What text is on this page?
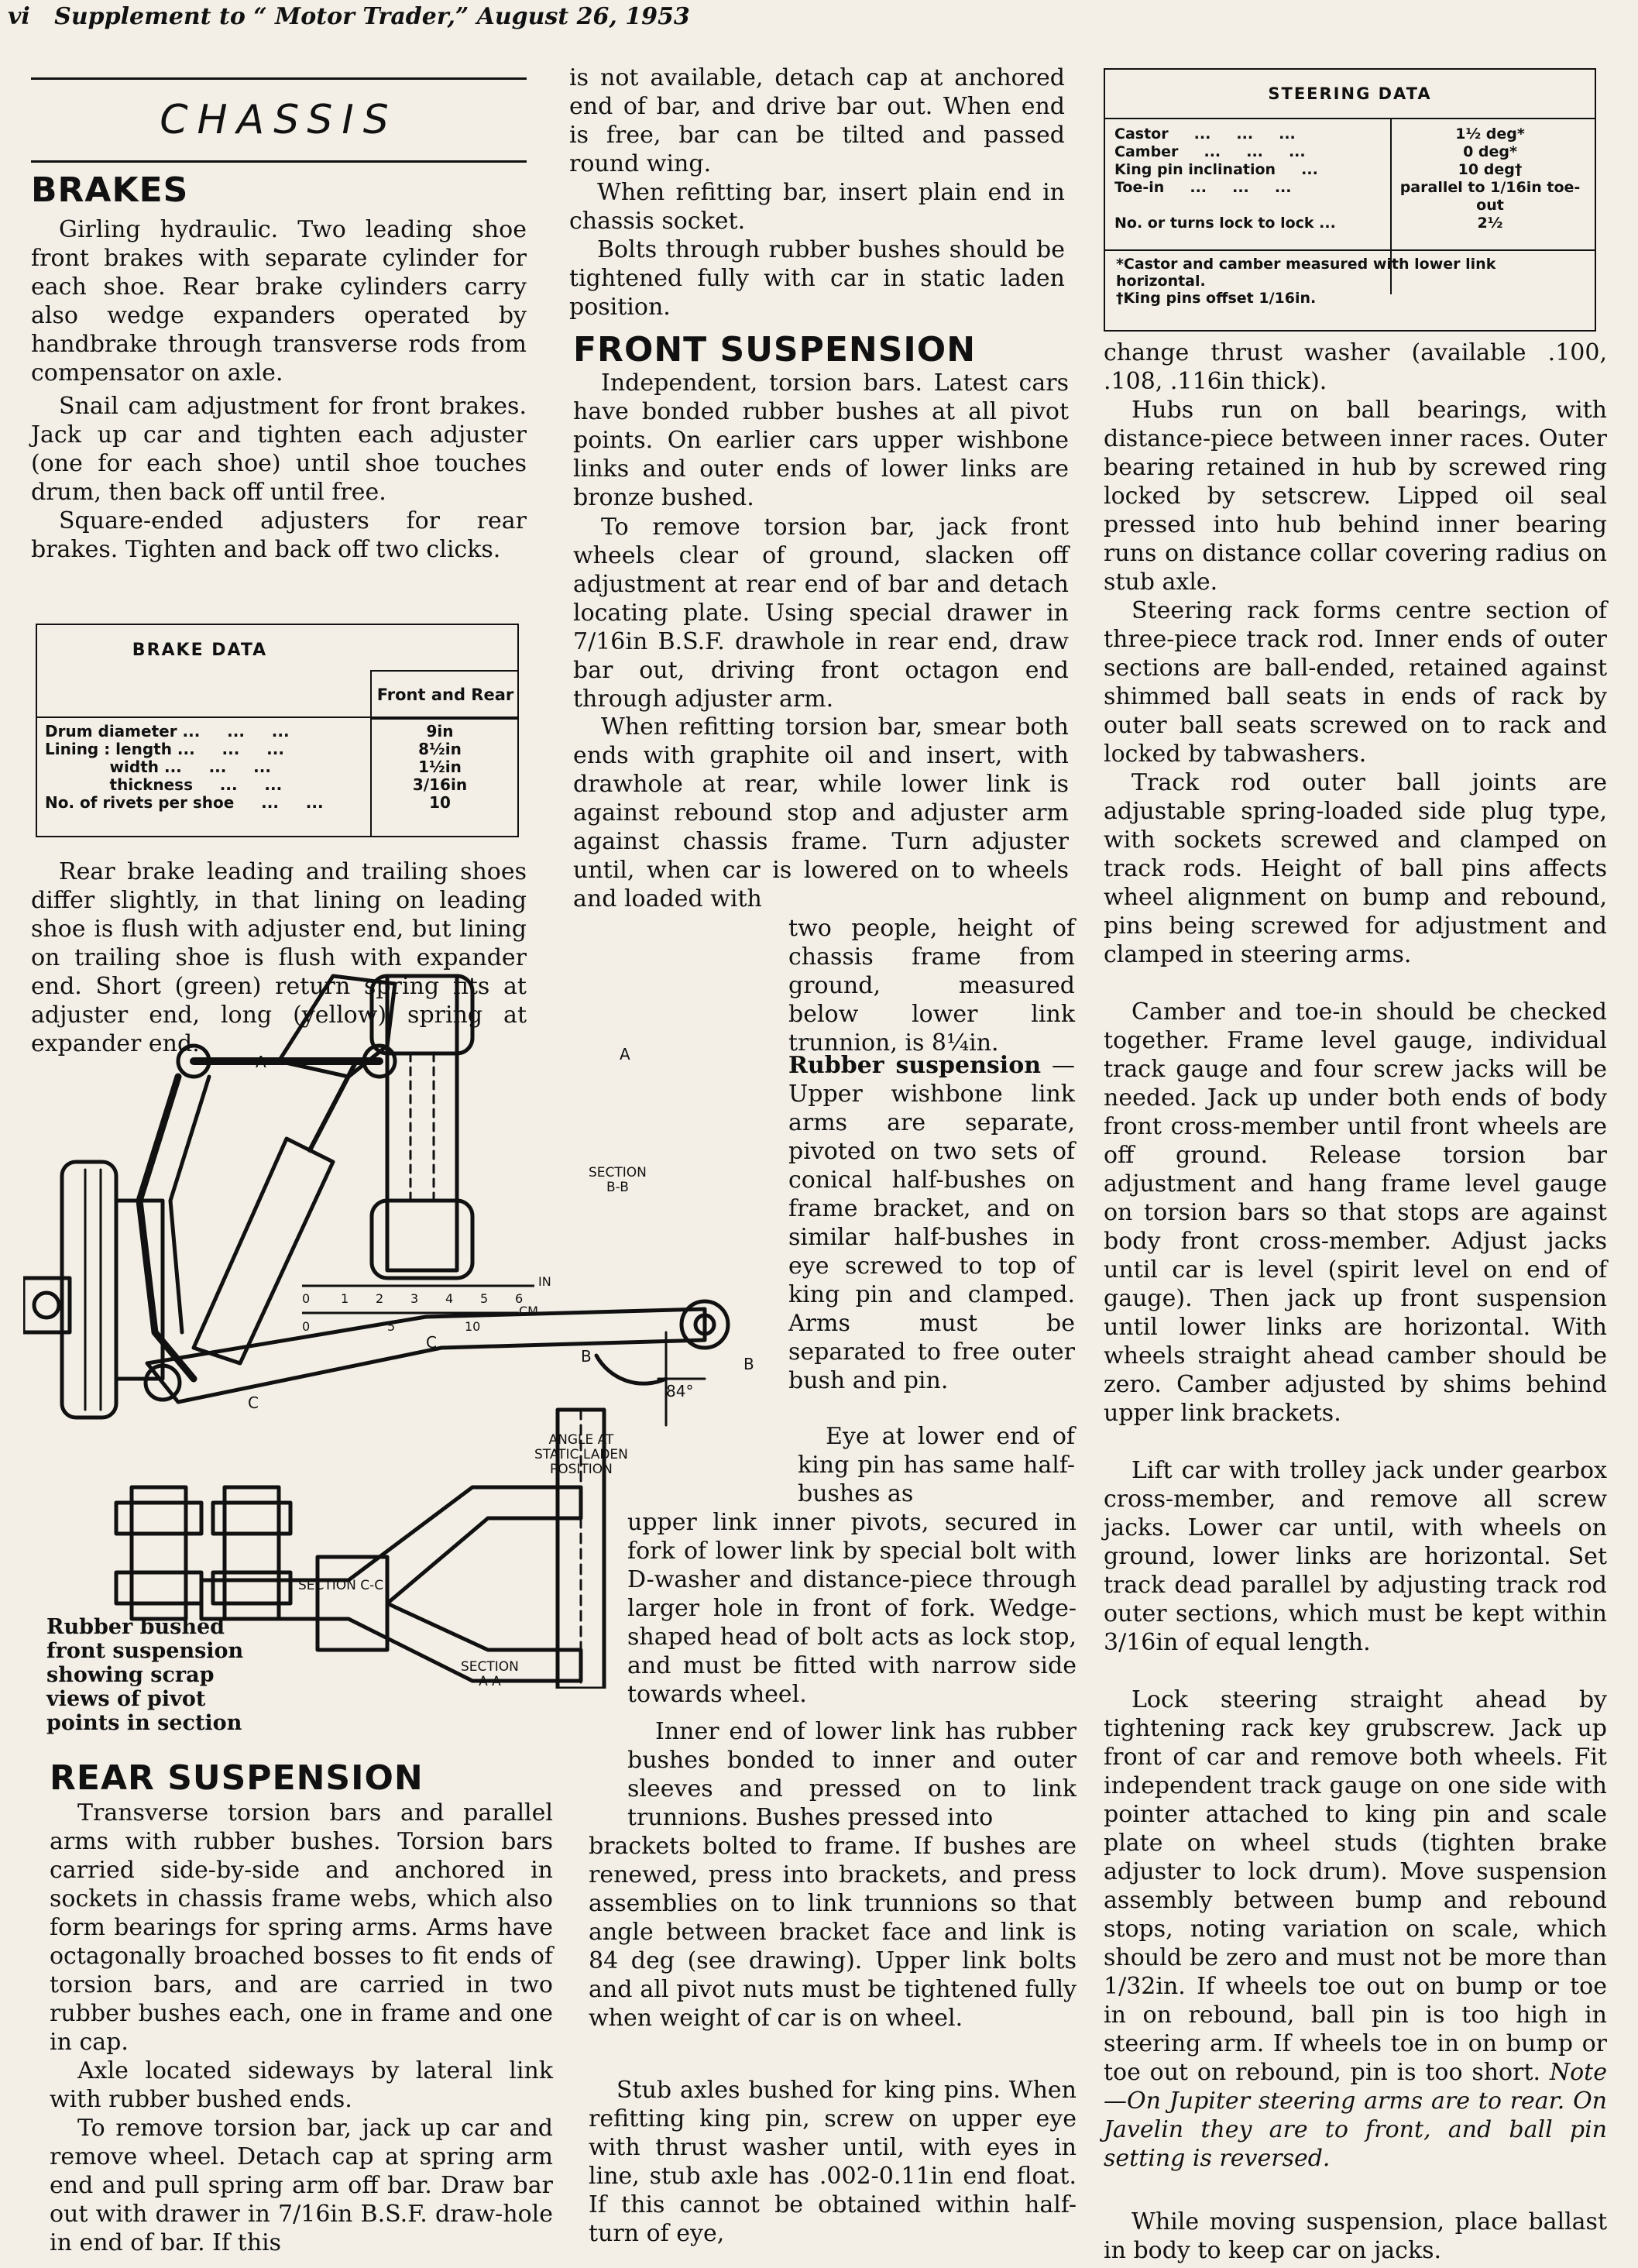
vi Supplement to “ Motor Trader,” August 26, 1953
CHASSIS
BRAKES

Girling hydraulic. Two leading shoe front brakes with separate cylinder for each shoe. Rear brake cylinders carry also wedge expanders operated by handbrake through transverse rods from compensator on axle.

Snail cam adjustment for front brakes. Jack up car and tighten each adjuster (one for each shoe) until shoe touches drum, then back off until free.

Square-ended adjusters for rear brakes. Tighten and back off two clicks.

BRAKE DATA
Front and Rear
Drum diameter ...     ...     ...	9in
Lining : length ...     ...     ...	8½in
width ...     ...     ...	1½in
thickness     ...     ...	3/16in
No. of rivets per shoe     ...     ...	10

Rear brake leading and trailing shoes differ slightly, in that lining on leading shoe is flush with adjuster end, but lining on trailing shoe is flush with expander end. Short (green) return spring fits at adjuster end, long (yellow) spring at expander end.

0 1 2 3 4 5 6
IN
0	5	10
CM.
A	A
B	B
C
C
84°
SECTION
B-B
SECTION C-C
SECTION
A-A
ANGLE AT
STATIC LADEN
POSITION

Rubber bushed front suspension showing scrap views of pivot points in section

REAR SUSPENSION

Transverse torsion bars and parallel arms with rubber bushes. Torsion bars carried side-by-side and anchored in sockets in chassis frame webs, which also form bearings for spring arms. Arms have octagonally broached bosses to fit ends of torsion bars, and are carried in two rubber bushes each, one in frame and one in cap.

Axle located sideways by lateral link with rubber bushed ends.

To remove torsion bar, jack up car and remove wheel. Detach cap at spring arm end and pull spring arm off bar. Draw bar out with drawer in 7/16in B.S.F. draw-hole in end of bar. If this

is not available, detach cap at anchored end of bar, and drive bar out. When end is free, bar can be tilted and passed round wing.

When refitting bar, insert plain end in chassis socket.

Bolts through rubber bushes should be tightened fully with car in static laden position.

FRONT SUSPENSION

Independent, torsion bars. Latest cars have bonded rubber bushes at all pivot points. On earlier cars upper wishbone links and outer ends of lower links are bronze bushed.

To remove torsion bar, jack front wheels clear of ground, slacken off adjustment at rear end of bar and detach locating plate. Using special drawer in 7/16in B.S.F. drawhole in rear end, draw bar out, driving front octagon end through adjuster arm.

When refitting torsion bar, smear both ends with graphite oil and insert, with drawhole at rear, while lower link is against rebound stop and adjuster arm against chassis frame. Turn adjuster until, when car is lowered on to wheels and loaded with

two people, height of chassis frame from ground, measured below lower link trunnion, is 8¼in.

Rubber suspension —Upper wishbone link arms are separate, pivoted on two sets of conical half-bushes on frame bracket, and on similar half-bushes in eye screwed to top of king pin and clamped. Arms must be separated to free outer bush and pin.

Eye at lower end of king pin has same half-bushes as

upper link inner pivots, secured in fork of lower link by special bolt with D-washer and distance-piece through larger hole in front of fork. Wedge-shaped head of bolt acts as lock stop, and must be fitted with narrow side towards wheel.

Inner end of lower link has rubber bushes bonded to inner and outer sleeves and pressed on to link trunnions. Bushes pressed into

brackets bolted to frame. If bushes are renewed, press into brackets, and press assemblies on to link trunnions so that angle between bracket face and link is 84 deg (see drawing). Upper link bolts and all pivot nuts must be tightened fully when weight of car is on wheel.

Stub axles bushed for king pins. When refitting king pin, screw on upper eye with thrust washer until, with eyes in line, stub axle has .002-0.11in end float. If this cannot be obtained within half-turn of eye,

STEERING DATA
Castor     ...     ...     ...	1½ deg*
Camber     ...     ...     ...	0 deg*
King pin inclination     ...	10 deg†
Toe-in     ...     ...     ...	parallel to 1/16in toe-out
No. or turns lock to lock ...	2½

*Castor and camber measured with lower link horizontal.

†King pins offset 1/16in.

change thrust washer (available .100, .108, .116in thick).

Hubs run on ball bearings, with distance-piece between inner races. Outer bearing retained in hub by screwed ring locked by setscrew. Lipped oil seal pressed into hub behind inner bearing runs on distance collar covering radius on stub axle.

Steering rack forms centre section of three-piece track rod. Inner ends of outer sections are ball-ended, retained against shimmed ball seats in ends of rack by outer ball seats screwed on to rack and locked by tabwashers.

Track rod outer ball joints are adjustable spring-loaded side plug type, with sockets screwed and clamped on track rods. Height of ball pins affects wheel alignment on bump and rebound, pins being screwed for adjustment and clamped in steering arms.

Camber and toe-in should be checked together. Frame level gauge, individual track gauge and four screw jacks will be needed. Jack up under both ends of body front cross-member until front wheels are off ground. Release torsion bar adjustment and hang frame level gauge on torsion bars so that stops are against body front cross-member. Adjust jacks until car is level (spirit level on end of gauge). Then jack up front suspension until lower links are horizontal. With wheels straight ahead camber should be zero. Camber adjusted by shims behind upper link brackets.

Lift car with trolley jack under gearbox cross-member, and remove all screw jacks. Lower car until, with wheels on ground, lower links are horizontal. Set track dead parallel by adjusting track rod outer sections, which must be kept within 3/16in of equal length.

Lock steering straight ahead by tightening rack key grubscrew. Jack up front of car and remove both wheels. Fit independent track gauge on one side with pointer attached to king pin and scale plate on wheel studs (tighten brake adjuster to lock drum). Move suspension assembly between bump and rebound stops, noting variation on scale, which should be zero and must not be more than 1/32in. If wheels toe out on bump or toe in on rebound, ball pin is too high in steering arm. If wheels toe in on bump or toe out on rebound, pin is too short. Note—On Jupiter steering arms are to rear. On Javelin they are to front, and ball pin setting is reversed.

While moving suspension, place ballast in body to keep car on jacks.
